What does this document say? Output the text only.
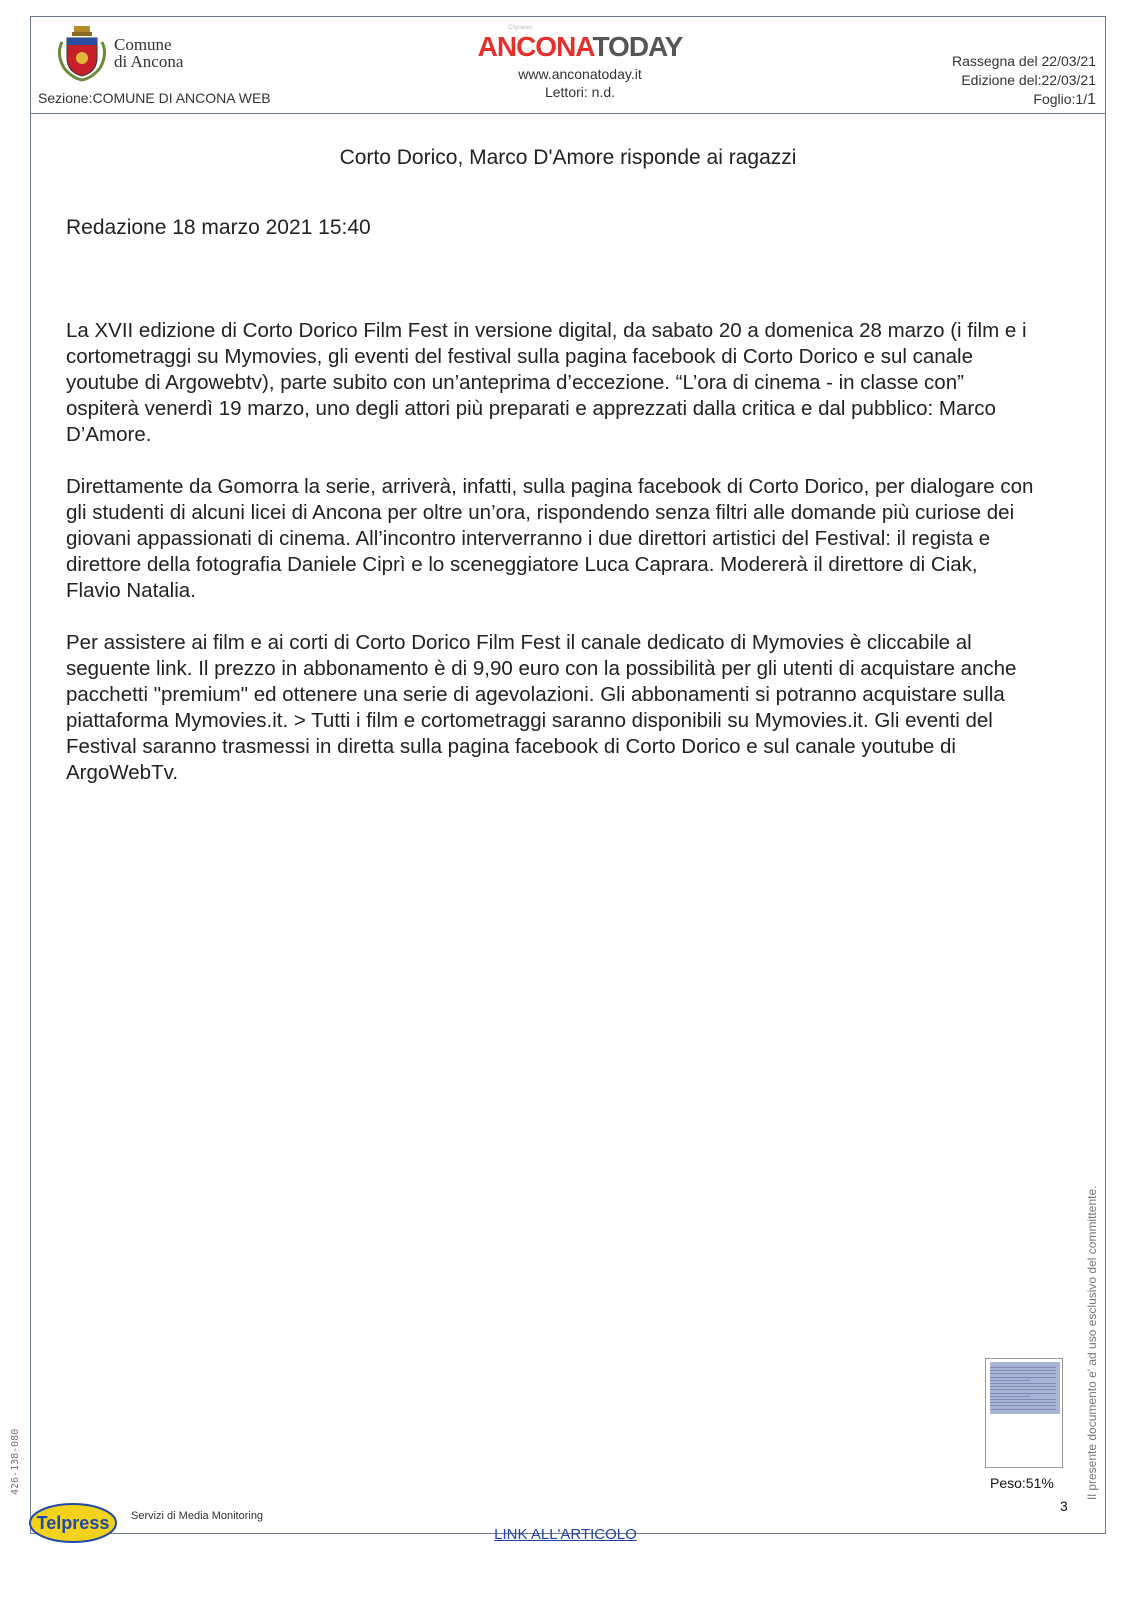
Comune
di Ancona
Sezione:COMUNE DI ANCONA WEB
Citynews
ANCONATODAY
www.anconatoday.it
Lettori: n.d.
Rassegna del 22/03/21
Edizione del:22/03/21
Foglio:1/1
Corto Dorico, Marco D'Amore risponde ai ragazzi
Redazione 18 marzo 2021 15:40

La XVII edizione di Corto Dorico Film Fest in versione digital, da sabato 20 a domenica 28 marzo (i film e i cortometraggi su Mymovies, gli eventi del festival sulla pagina facebook di Corto Dorico e sul canale youtube di Argowebtv), parte subito con un’anteprima d’eccezione. “L’ora di cinema - in classe con” ospiterà venerdì 19 marzo, uno degli attori più preparati e apprezzati dalla critica e dal pubblico: Marco D’Amore.

Direttamente da Gomorra la serie, arriverà, infatti, sulla pagina facebook di Corto Dorico, per dialogare con gli studenti di alcuni licei di Ancona per oltre un’ora, rispondendo senza filtri alle domande più curiose dei giovani appassionati di cinema. All’incontro interverranno i due direttori artistici del Festival: il regista e direttore della fotografia Daniele Ciprì e lo sceneggiatore Luca Caprara. Modererà il direttore di Ciak, Flavio Natalia.

Per assistere ai film e ai corti di Corto Dorico Film Fest il canale dedicato di Mymovies è cliccabile al seguente link. Il prezzo in abbonamento è di 9,90 euro con la possibilità per gli utenti di acquistare anche pacchetti "premium" ed ottenere una serie di agevolazioni. Gli abbonamenti si potranno acquistare sulla piattaforma Mymovies.it. > Tutti i film e cortometraggi saranno disponibili su Mymovies.it. Gli eventi del Festival saranno trasmessi in diretta sulla pagina facebook di Corto Dorico e sul canale youtube di ArgoWebTv.

Peso:51%	Il presente documento e' ad uso esclusivo del committente.
426-138-080
3
Telpress Servizi di Media Monitoring
LINK ALL'ARTICOLO
